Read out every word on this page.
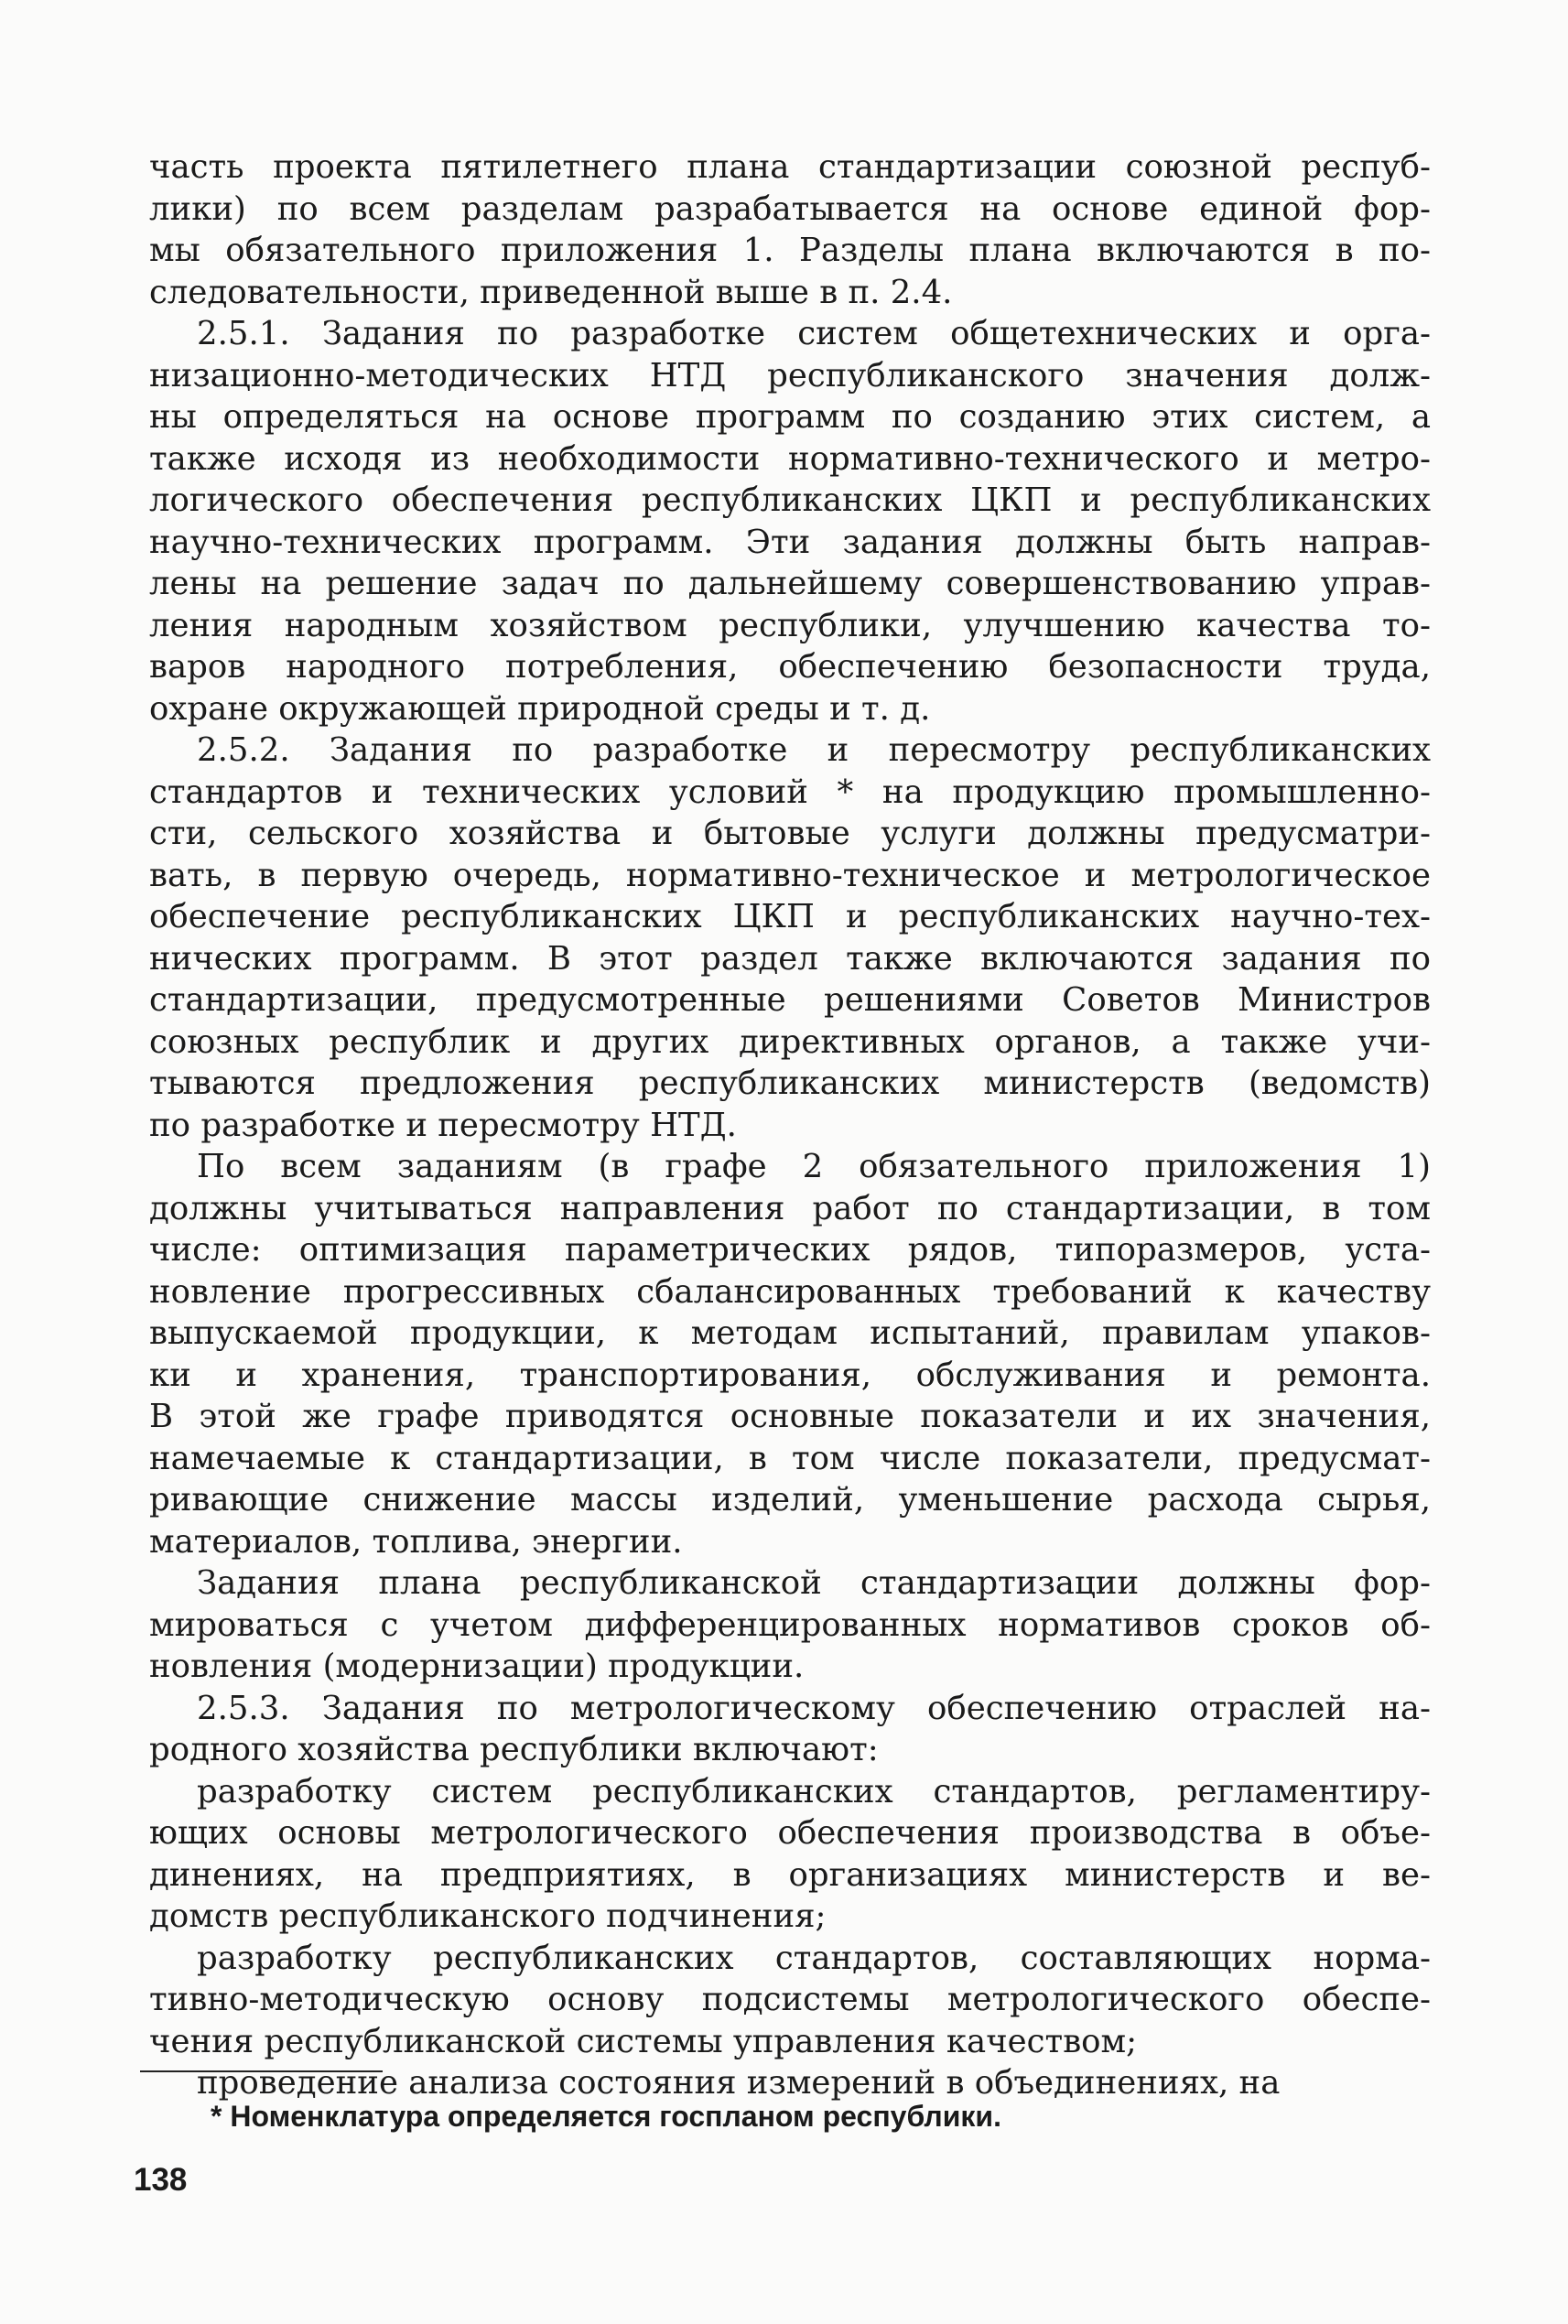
часть проекта пятилетнего плана стандартизации союзной респуб-
лики) по всем разделам разрабатывается на основе единой фор-
мы обязательного приложения 1. Разделы плана включаются в по-
следовательности, приведенной выше в п. 2.4.

2.5.1. Задания по разработке систем общетехнических и орга-
низационно-методических НТД республиканского значения долж-
ны определяться на основе программ по созданию этих систем, а
также исходя из необходимости нормативно-технического и метро-
логического обеспечения республиканских ЦКП и республиканских
научно-технических программ. Эти задания должны быть направ-
лены на решение задач по дальнейшему совершенствованию управ-
ления народным хозяйством республики, улучшению качества то-
варов народного потребления, обеспечению безопасности труда,
охране окружающей природной среды и т. д.

2.5.2. Задания по разработке и пересмотру республиканских
стандартов и технических условий * на продукцию промышленно-
сти, сельского хозяйства и бытовые услуги должны предусматри-
вать, в первую очередь, нормативно-техническое и метрологическое
обеспечение республиканских ЦКП и республиканских научно-тех-
нических программ. В этот раздел также включаются задания по
стандартизации, предусмотренные решениями Советов Министров
союзных республик и других директивных органов, а также учи-
тываются предложения республиканских министерств (ведомств)
по разработке и пересмотру НТД.

По всем заданиям (в графе 2 обязательного приложения 1)
должны учитываться направления работ по стандартизации, в том
числе: оптимизация параметрических рядов, типоразмеров, уста-
новление прогрессивных сбалансированных требований к качеству
выпускаемой продукции, к методам испытаний, правилам упаков-
ки и хранения, транспортирования, обслуживания и ремонта.
В этой же графе приводятся основные показатели и их значения,
намечаемые к стандартизации, в том числе показатели, предусмат-
ривающие снижение массы изделий, уменьшение расхода сырья,
материалов, топлива, энергии.

Задания плана республиканской стандартизации должны фор-
мироваться с учетом дифференцированных нормативов сроков об-
новления (модернизации) продукции.

2.5.3. Задания по метрологическому обеспечению отраслей на-
родного хозяйства республики включают:

разработку систем республиканских стандартов, регламентиру-
ющих основы метрологического обеспечения производства в объе-
динениях, на предприятиях, в организациях министерств и ве-
домств республиканского подчинения;

разработку республиканских стандартов, составляющих норма-
тивно-методическую основу подсистемы метрологического обеспе-
чения республиканской системы управления качеством;

проведение анализа состояния измерений в объединениях, на

* Номенклатура определяется госпланом республики.
138
